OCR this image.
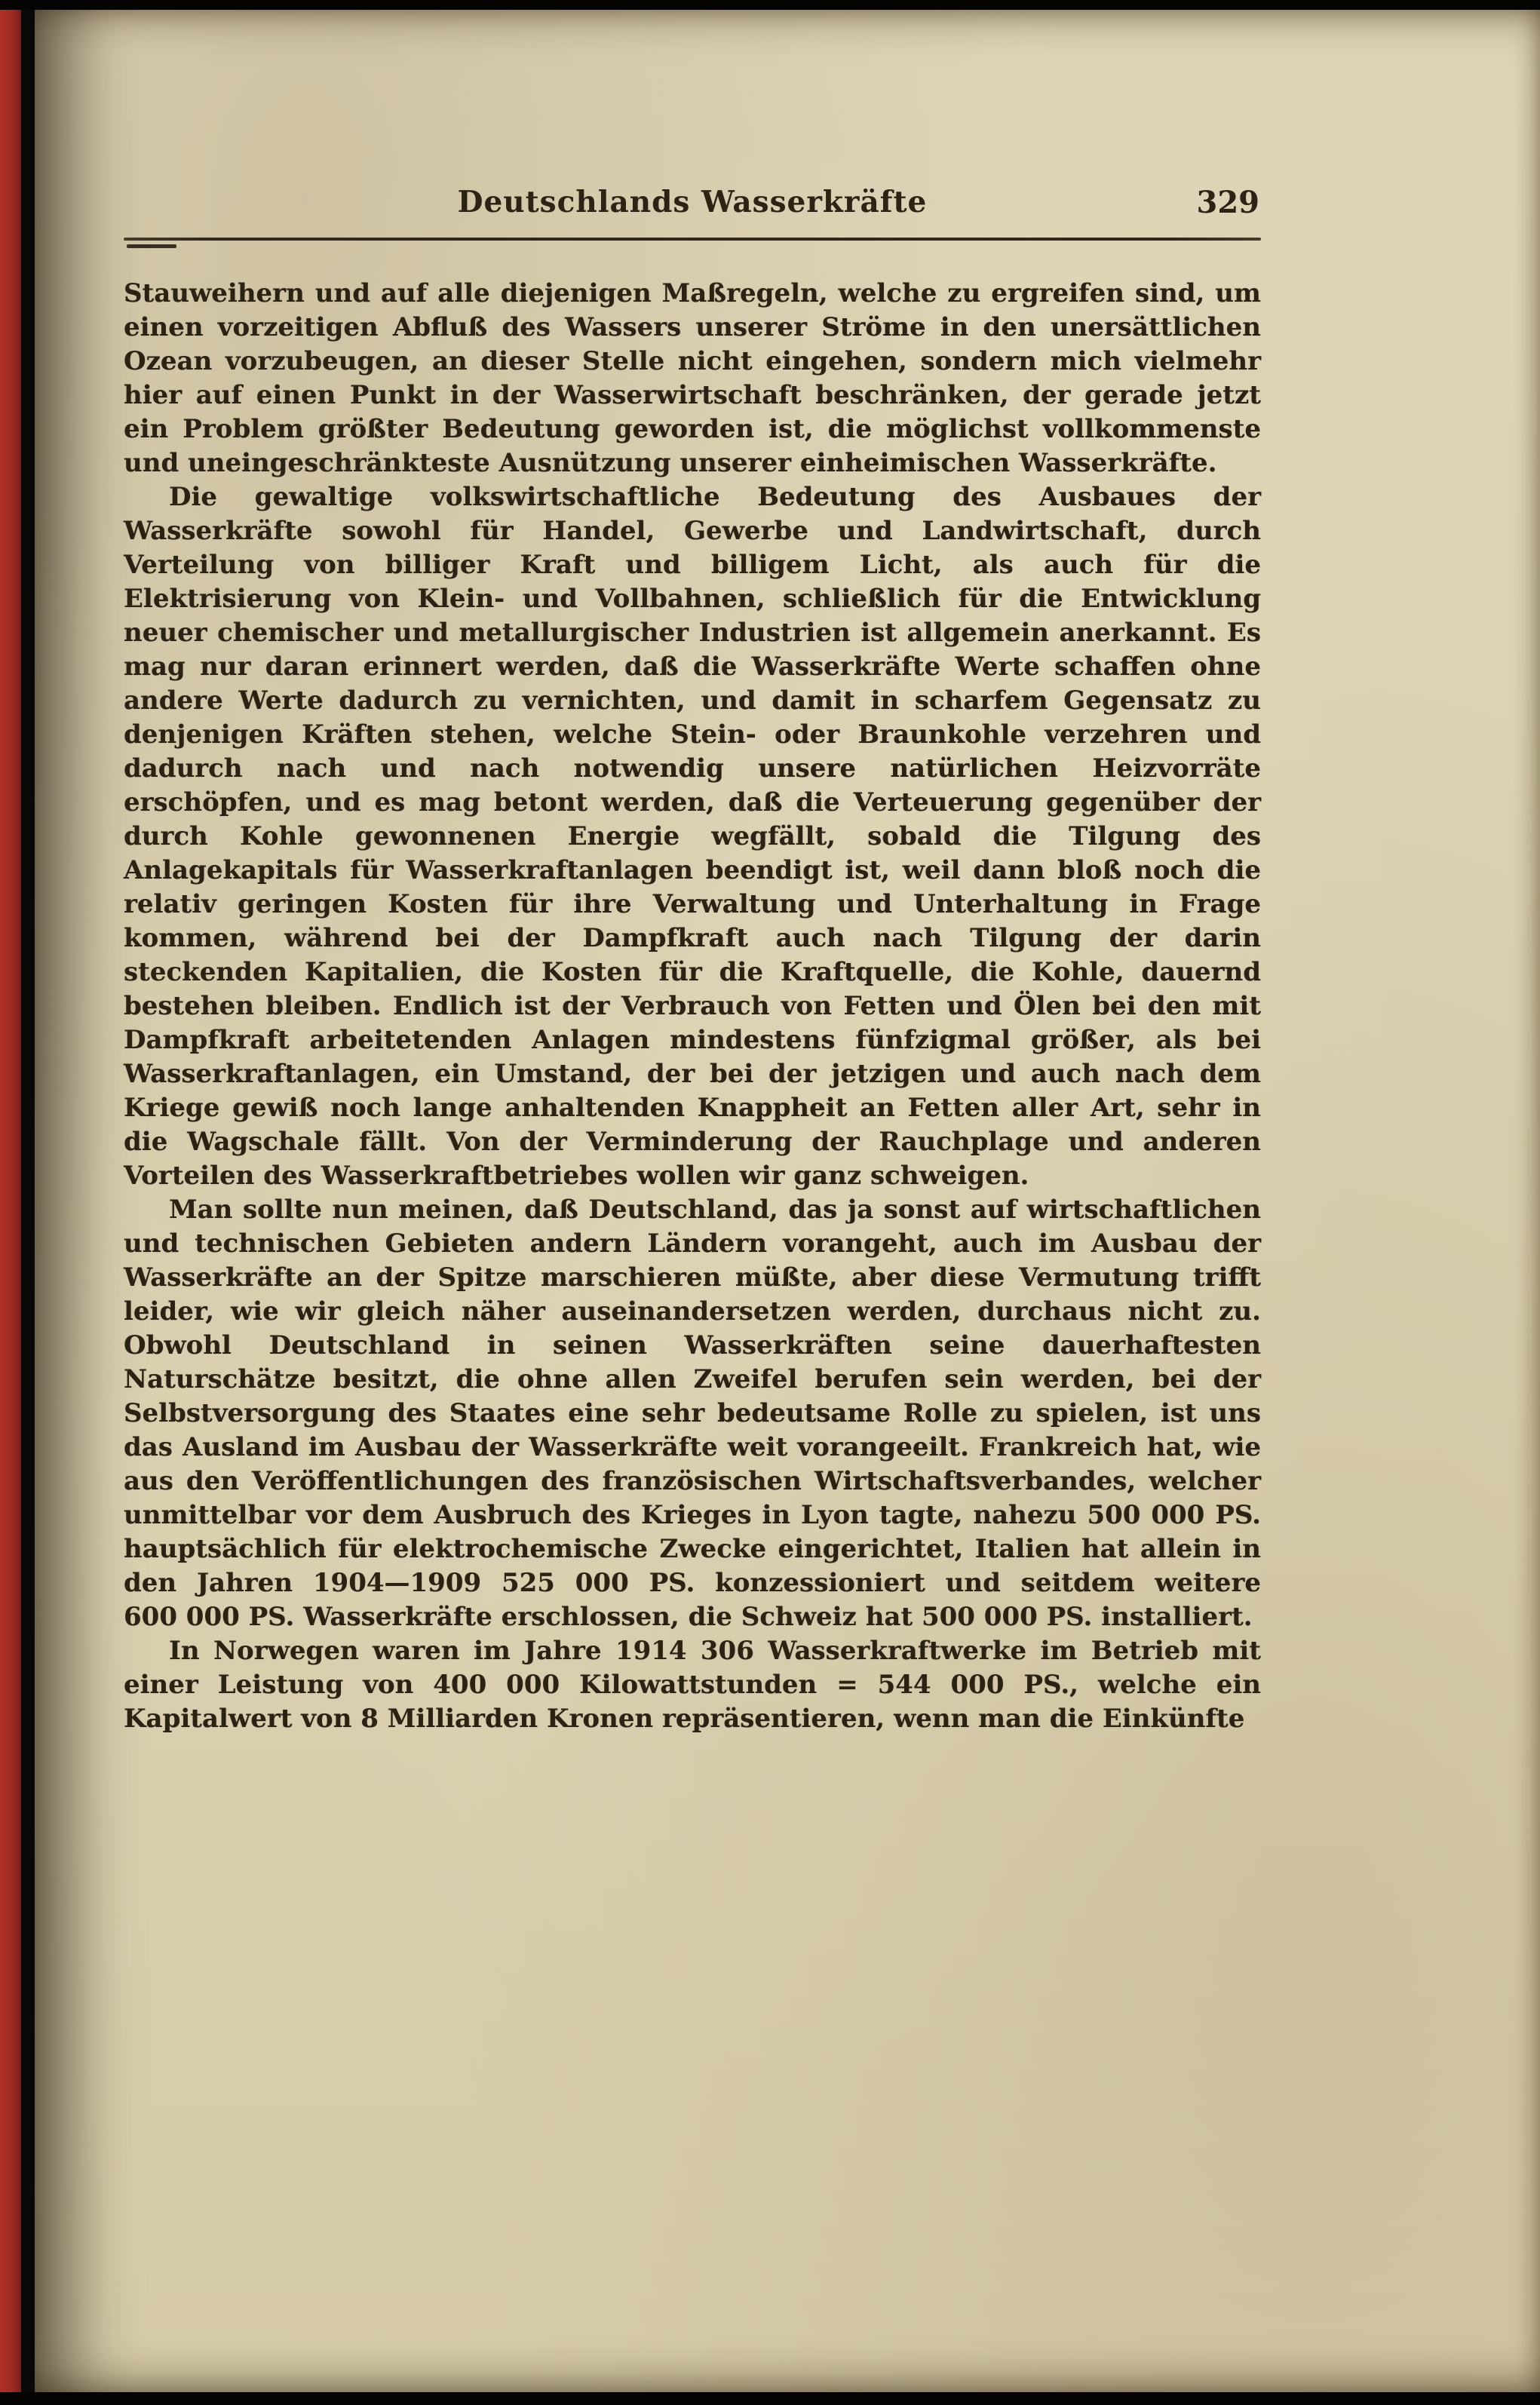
Deutschlands Wasserkräfte	329

Stauweihern und auf alle diejenigen Maßregeln, welche zu ergreifen sind, um einen vorzeitigen Abfluß des Wassers unserer Ströme in den unersättlichen Ozean vorzubeugen, an dieser Stelle nicht eingehen, sondern mich vielmehr hier auf einen Punkt in der Wasserwirtschaft beschränken, der gerade jetzt ein Problem größter Bedeutung geworden ist, die möglichst vollkommenste und uneingeschränkteste Ausnützung unserer einheimischen Wasserkräfte.

Die gewaltige volkswirtschaftliche Bedeutung des Ausbaues der Wasserkräfte sowohl für Handel, Gewerbe und Landwirtschaft, durch Verteilung von billiger Kraft und billigem Licht, als auch für die Elektrisierung von Klein- und Vollbahnen, schließlich für die Entwicklung neuer chemischer und metallurgischer Industrien ist allgemein anerkannt. Es mag nur daran erinnert werden, daß die Wasserkräfte Werte schaffen ohne andere Werte dadurch zu vernichten, und damit in scharfem Gegensatz zu denjenigen Kräften stehen, welche Stein- oder Braunkohle verzehren und dadurch nach und nach notwendig unsere natürlichen Heizvorräte erschöpfen, und es mag betont werden, daß die Verteuerung gegenüber der durch Kohle gewonnenen Energie wegfällt, sobald die Tilgung des Anlagekapitals für Wasserkraftanlagen beendigt ist, weil dann bloß noch die relativ geringen Kosten für ihre Verwaltung und Unterhaltung in Frage kommen, während bei der Dampfkraft auch nach Tilgung der darin steckenden Kapitalien, die Kosten für die Kraftquelle, die Kohle, dauernd bestehen bleiben. Endlich ist der Verbrauch von Fetten und Ölen bei den mit Dampfkraft arbeitetenden Anlagen mindestens fünfzigmal größer, als bei Wasserkraftanlagen, ein Umstand, der bei der jetzigen und auch nach dem Kriege gewiß noch lange anhaltenden Knappheit an Fetten aller Art, sehr in die Wagschale fällt. Von der Verminderung der Rauchplage und anderen Vorteilen des Wasserkraftbetriebes wollen wir ganz schweigen.

Man sollte nun meinen, daß Deutschland, das ja sonst auf wirtschaftlichen und technischen Gebieten andern Ländern vorangeht, auch im Ausbau der Wasserkräfte an der Spitze marschieren müßte, aber diese Vermutung trifft leider, wie wir gleich näher auseinandersetzen werden, durchaus nicht zu. Obwohl Deutschland in seinen Wasserkräften seine dauerhaftesten Naturschätze besitzt, die ohne allen Zweifel berufen sein werden, bei der Selbstversorgung des Staates eine sehr bedeutsame Rolle zu spielen, ist uns das Ausland im Ausbau der Wasserkräfte weit vorangeeilt. Frankreich hat, wie aus den Veröffentlichungen des französischen Wirtschaftsverbandes, welcher unmittelbar vor dem Ausbruch des Krieges in Lyon tagte, nahezu 500 000 PS. hauptsächlich für elektrochemische Zwecke eingerichtet, Italien hat allein in den Jahren 1904—1909 525 000 PS. konzessioniert und seitdem weitere 600 000 PS. Wasserkräfte erschlossen, die Schweiz hat 500 000 PS. installiert.

In Norwegen waren im Jahre 1914 306 Wasserkraftwerke im Betrieb mit einer Leistung von 400 000 Kilowattstunden = 544 000 PS., welche ein Kapitalwert von 8 Milliarden Kronen repräsentieren, wenn man die Einkünfte
